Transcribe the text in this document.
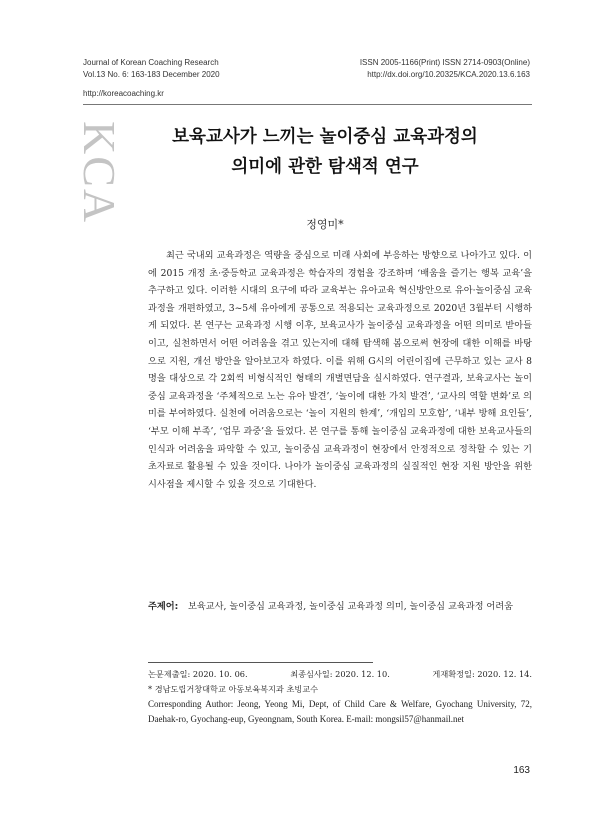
Journal of Korean Coaching Research
Vol.13 No. 6: 163-183 December 2020
ISSN 2005-1166(Print) ISSN 2714-0903(Online)
http://dx.doi.org/10.20325/KCA.2020.13.6.163
http://koreacoaching.kr
KCA	보육교사가 느끼는 놀이중심 교육과정의
의미에 관한 탐색적 연구
정영미*

최근 국내외 교육과정은 역량을 중심으로 미래 사회에 부응하는 방향으로 나아가고 있다. 이에 2015 개정 초·중등학교 교육과정은 학습자의 경험을 강조하며 ‘배움을 즐기는 행복 교육’을 추구하고 있다. 이러한 시대의 요구에 따라 교육부는 유아교육 혁신방안으로 유아·놀이중심 교육과정을 개편하였고, 3~5세 유아에게 공통으로 적용되는 교육과정으로 2020년 3월부터 시행하게 되었다. 본 연구는 교육과정 시행 이후, 보육교사가 놀이중심 교육과정을 어떤 의미로 받아들이고, 실천하면서 어떤 어려움을 겪고 있는지에 대해 탐색해 봄으로써 현장에 대한 이해를 바탕으로 지원, 개선 방안을 알아보고자 하였다. 이를 위해 G시의 어린이집에 근무하고 있는 교사 8명을 대상으로 각 2회씩 비형식적인 형태의 개별면담을 실시하였다. 연구결과, 보육교사는 놀이중심 교육과정을 ‘주체적으로 노는 유아 발견’, ‘놀이에 대한 가치 발견’, ‘교사의 역할 변화’로 의미를 부여하였다. 실천에 어려움으로는 ‘놀이 지원의 한계’, ‘개입의 모호함’, ‘내부 방해 요인들’, ‘부모 이해 부족’, ‘업무 과중’을 들었다. 본 연구를 통해 놀이중심 교육과정에 대한 보육교사들의 인식과 어려움을 파악할 수 있고, 놀이중심 교육과정이 현장에서 안정적으로 정착할 수 있는 기초자료로 활용될 수 있을 것이다. 나아가 놀이중심 교육과정의 실질적인 현장 지원 방안을 위한 시사점을 제시할 수 있을 것으로 기대한다.

주제어: 보육교사, 놀이중심 교육과정, 놀이중심 교육과정 의미, 놀이중심 교육과정 어려움
논문제출일: 2020. 10. 06.	최종심사일: 2020. 12. 10.	게재확정일: 2020. 12. 14.
* 경남도립거창대학교 아동보육복지과 초빙교수
Corresponding Author: Jeong, Yeong Mi, Dept, of Child Care & Welfare, Gyochang University, 72, Daehak-ro, Gyochang-eup, Gyeongnam, South Korea. E-mail: mongsil57@hanmail.net
163
